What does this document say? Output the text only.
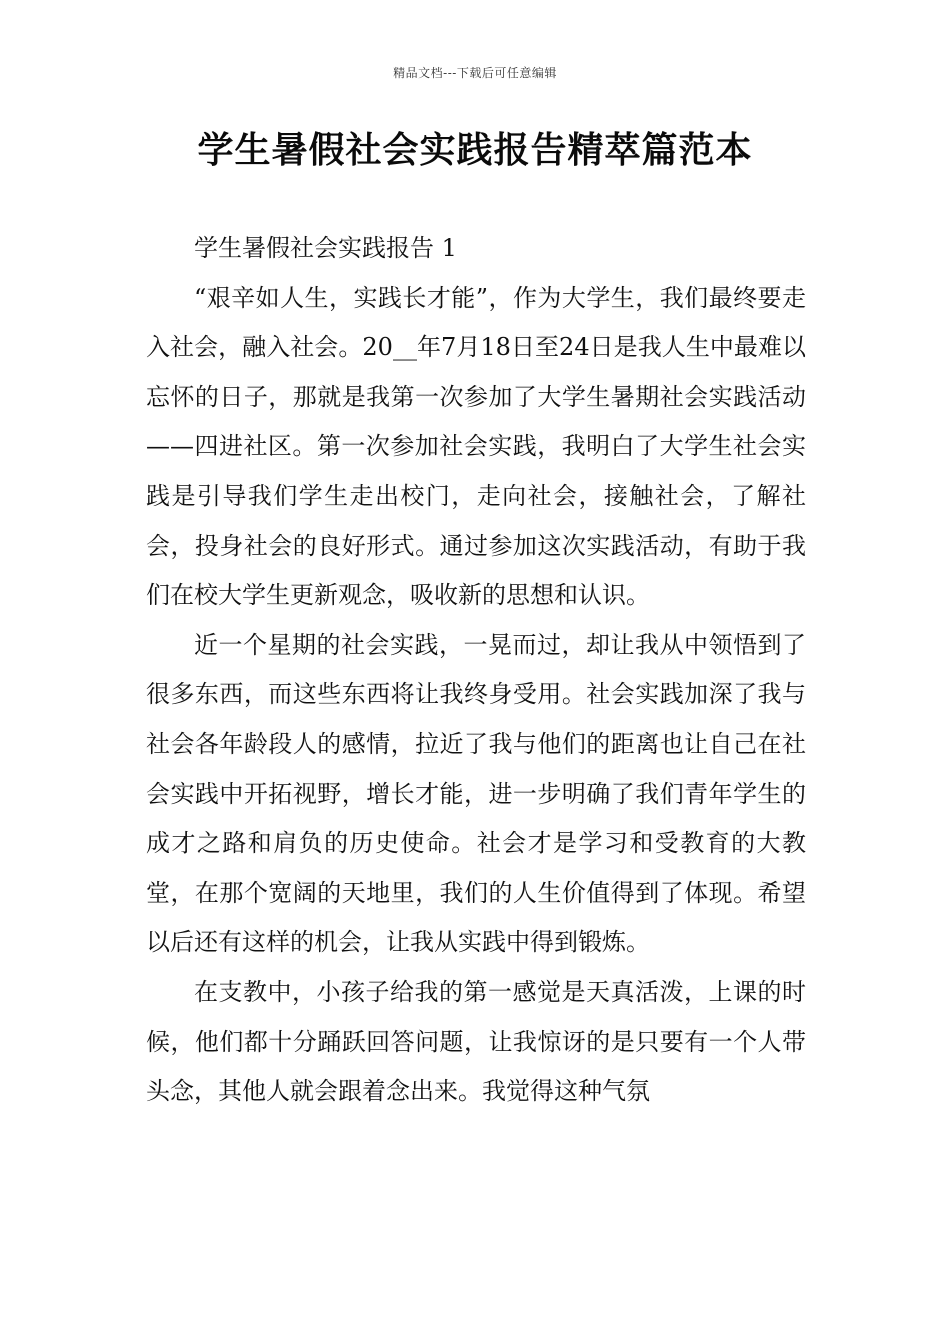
精品文档---下载后可任意编辑
学生暑假社会实践报告精萃篇范本

学生暑假社会实践报告 1

“艰辛如人生，实践长才能”，作为大学生，我们最终要走入社会，融入社会。20__年7月18日至24日是我人生中最难以忘怀的日子，那就是我第一次参加了大学生暑期社会实践活动——四进社区。第一次参加社会实践，我明白了大学生社会实践是引导我们学生走出校门，走向社会，接触社会，了解社会，投身社会的良好形式。通过参加这次实践活动，有助于我们在校大学生更新观念，吸收新的思想和认识。

近一个星期的社会实践，一晃而过，却让我从中领悟到了很多东西，而这些东西将让我终身受用。社会实践加深了我与社会各年龄段人的感情，拉近了我与他们的距离也让自己在社会实践中开拓视野，增长才能，进一步明确了我们青年学生的成才之路和肩负的历史使命。社会才是学习和受教育的大教堂，在那个宽阔的天地里，我们的人生价值得到了体现。希望以后还有这样的机会，让我从实践中得到锻炼。

在支教中，小孩子给我的第一感觉是天真活泼，上课的时候，他们都十分踊跃回答问题，让我惊讶的是只要有一个人带头念，其他人就会跟着念出来。我觉得这种气氛
